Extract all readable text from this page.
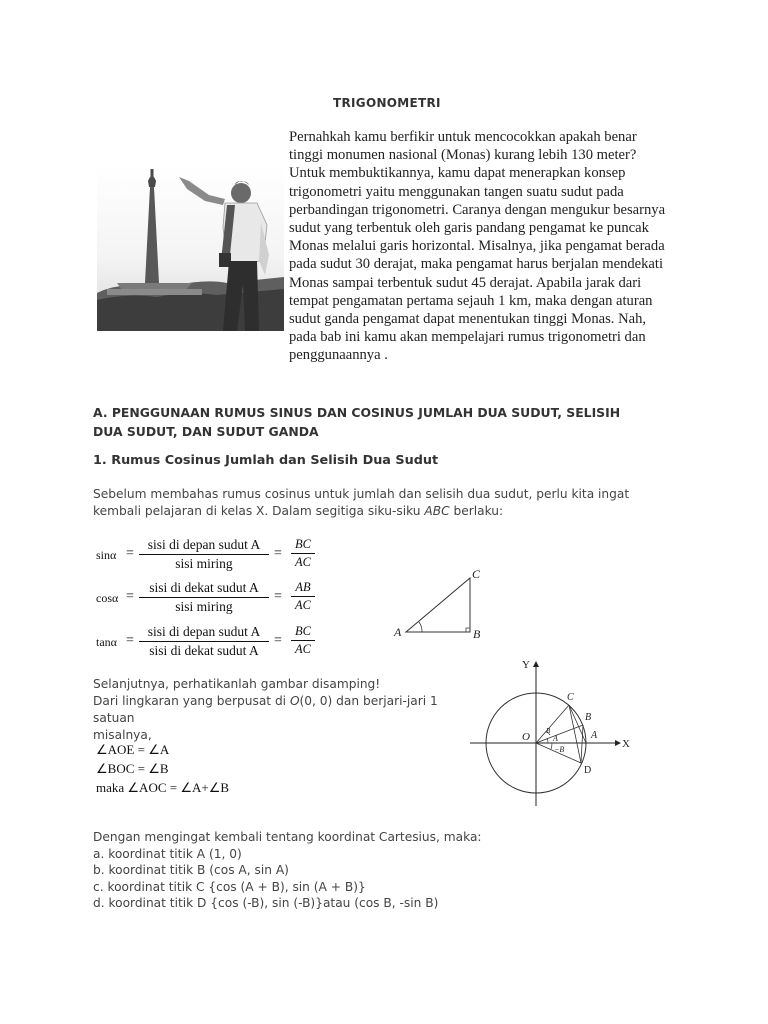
TRIGONOMETRI

Pernahkah kamu berfikir untuk mencocokkan apakah benar tinggi monumen nasional (Monas) kurang lebih 130 meter? Untuk membuktikannya, kamu dapat menerapkan konsep trigonometri yaitu menggunakan tangen suatu sudut pada perbandingan trigonometri. Caranya dengan mengukur besarnya sudut yang terbentuk oleh garis pandang pengamat ke puncak Monas melalui garis horizontal. Misalnya, jika pengamat berada pada sudut 30 derajat, maka pengamat harus berjalan mendekati Monas sampai terbentuk sudut 45 derajat. Apabila jarak dari tempat pengamatan pertama sejauh 1 km, maka dengan aturan sudut ganda pengamat dapat menentukan tinggi Monas. Nah, pada bab ini kamu akan mempelajari rumus trigonometri dan penggunaannya .

A. PENGGUNAAN RUMUS SINUS DAN COSINUS JUMLAH DUA SUDUT, SELISIH DUA SUDUT, DAN SUDUT GANDA
1. Rumus Cosinus Jumlah dan Selisih Dua Sudut
Sebelum membahas rumus cosinus untuk jumlah dan selisih dua sudut, perlu kita ingat kembali pelajaran di kelas X. Dalam segitiga siku-siku ABC berlaku:
sinα =
sisi di depan sudut A
sisi miring
= $\frac{BC}{AC}$
cosα =
sisi di dekat sudut A
sisi miring
= $\frac{AB}{AC}$
tanα =
sisi di depan sudut A
sisi di dekat sudut A
= $\frac{BC}{AC}$	A	B
C
Selanjutnya, perhatikanlah gambar disamping!
Dari lingkaran yang berpusat di O(0, 0) dan berjari-jari 1 satuan
misalnya,
∠AOE = ∠A
∠BOC = ∠B
maka ∠AOC = ∠A+∠B
Y
X
O
C
B
A
D
B
A
−B
Dengan mengingat kembali tentang koordinat Cartesius, maka:
a. koordinat titik A (1, 0)
b. koordinat titik B (cos A, sin A)
c. koordinat titik C {cos (A + B), sin (A + B)}
d. koordinat titik D {cos (-B), sin (-B)}atau (cos B, -sin B)
